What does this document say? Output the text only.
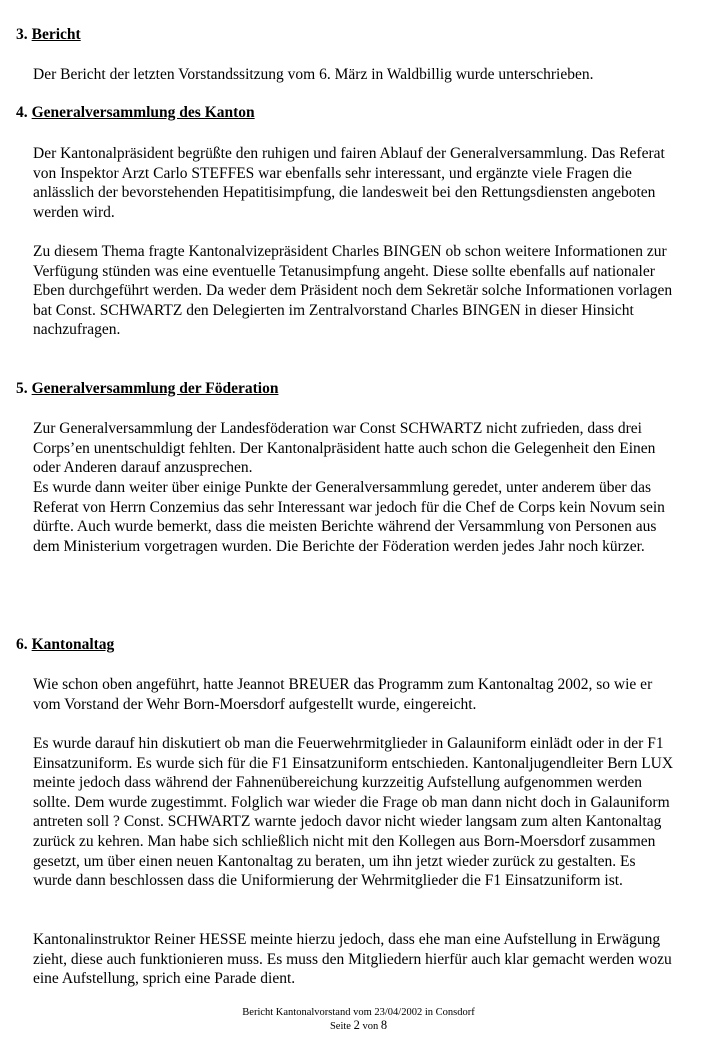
3. Bericht
Der Bericht der letzten Vorstandssitzung vom 6. März in Waldbillig wurde unterschrieben.
4. Generalversammlung des Kanton
Der Kantonalpräsident begrüßte den ruhigen und fairen Ablauf der Generalversammlung. Das Referat von Inspektor Arzt Carlo STEFFES war ebenfalls sehr interessant, und ergänzte viele Fragen die anlässlich der bevorstehenden Hepatitisimpfung, die landesweit bei den Rettungsdiensten angeboten werden wird.
Zu diesem Thema fragte Kantonalvizepräsident Charles BINGEN ob schon weitere Informationen zur Verfügung stünden was eine eventuelle Tetanusimpfung angeht. Diese sollte ebenfalls auf nationaler Eben durchgeführt werden. Da weder dem Präsident noch dem Sekretär solche Informationen vorlagen bat Const. SCHWARTZ den Delegierten im Zentralvorstand Charles BINGEN in dieser Hinsicht nachzufragen.
5. Generalversammlung der Föderation
Zur Generalversammlung der Landesföderation war Const SCHWARTZ nicht zufrieden, dass drei Corps’en unentschuldigt fehlten. Der Kantonalpräsident hatte auch schon die Gelegenheit den Einen oder Anderen darauf anzusprechen.
Es wurde dann weiter über einige Punkte der Generalversammlung geredet, unter anderem über das Referat von Herrn Conzemius das sehr Interessant war jedoch für die Chef de Corps kein Novum sein dürfte. Auch wurde bemerkt, dass die meisten Berichte während der Versammlung von Personen aus dem Ministerium vorgetragen wurden. Die Berichte der Föderation werden jedes Jahr noch kürzer.
6. Kantonaltag
Wie schon oben angeführt, hatte Jeannot BREUER das Programm zum Kantonaltag 2002, so wie er vom Vorstand der Wehr Born-Moersdorf aufgestellt wurde, eingereicht.
Es wurde darauf hin diskutiert ob man die Feuerwehrmitglieder in Galauniform einlädt oder in der F1 Einsatzuniform. Es wurde sich für die F1 Einsatzuniform entschieden. Kantonaljugendleiter Bern LUX meinte jedoch dass während der Fahnenübereichung kurzzeitig Aufstellung aufgenommen werden sollte. Dem wurde zugestimmt. Folglich war wieder die Frage ob man dann nicht doch in Galauniform antreten soll ? Const. SCHWARTZ warnte jedoch davor nicht wieder langsam zum alten Kantonaltag zurück zu kehren. Man habe sich schließlich nicht mit den Kollegen aus Born-Moersdorf zusammen gesetzt, um über einen neuen Kantonaltag zu beraten, um ihn jetzt wieder zurück zu gestalten. Es wurde dann beschlossen dass die Uniformierung der Wehrmitglieder die F1 Einsatzuniform ist.
Kantonalinstruktor Reiner HESSE meinte hierzu jedoch, dass ehe man eine Aufstellung in Erwägung zieht, diese auch funktionieren muss. Es muss den Mitgliedern hierfür auch klar gemacht werden wozu eine Aufstellung, sprich eine Parade dient.
Bericht Kantonalvorstand vom 23/04/2002 in Consdorf
Seite 2 von 8
